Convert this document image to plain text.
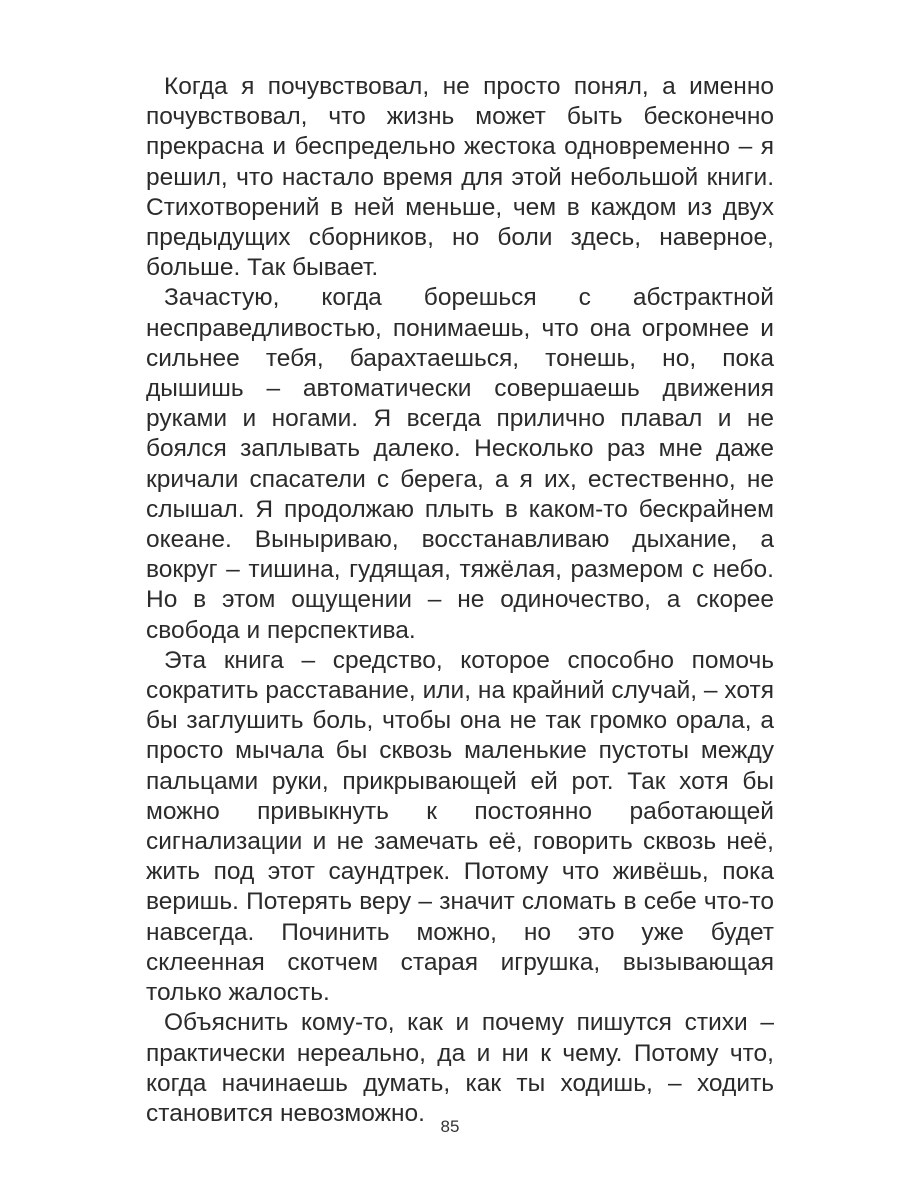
Когда я почувствовал, не просто понял, а именно почувствовал, что жизнь может быть бесконечно прекрасна и беспредельно жестока одновременно – я решил, что настало время для этой небольшой книги. Стихотворений в ней меньше, чем в каждом из двух предыдущих сборников, но боли здесь, наверное, больше. Так бывает.

Зачастую, когда борешься с абстрактной несправедливостью, понимаешь, что она огромнее и сильнее тебя, барахтаешься, тонешь, но, пока дышишь – автоматически совершаешь движения руками и ногами. Я всегда прилично плавал и не боялся заплывать далеко. Несколько раз мне даже кричали спасатели с берега, а я их, естественно, не слышал. Я продолжаю плыть в каком-то бескрайнем океане. Выныриваю, восстанавливаю дыхание, а вокруг – тишина, гудящая, тяжёлая, размером с небо. Но в этом ощущении – не одиночество, а скорее свобода и перспектива.

Эта книга – средство, которое способно помочь сократить расставание, или, на крайний случай, – хотя бы заглушить боль, чтобы она не так громко орала, а просто мычала бы сквозь маленькие пустоты между пальцами руки, прикрывающей ей рот. Так хотя бы можно привыкнуть к постоянно работающей сигнализации и не замечать её, говорить сквозь неё, жить под этот саундтрек. Потому что живёшь, пока веришь. Потерять веру – значит сломать в себе что-то навсегда. Починить можно, но это уже будет склеенная скотчем старая игрушка, вызывающая только жалость.

Объяснить кому-то, как и почему пишутся стихи – практически нереально, да и ни к чему. Потому что, когда начинаешь думать, как ты ходишь, – ходить становится невозможно. 85
